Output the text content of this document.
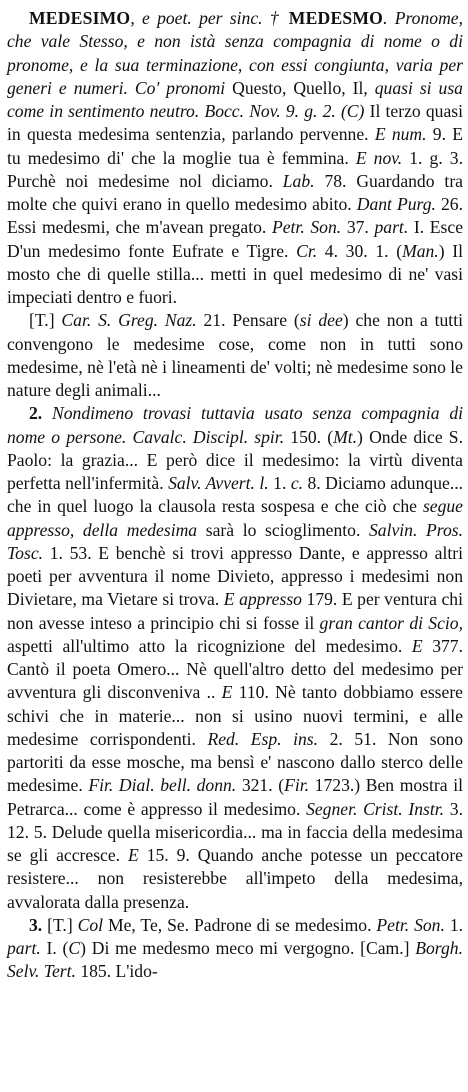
MEDESIMO, e poet. per sinc. † MEDESMO. Pronome, che vale Stesso, e non istà senza compagnia di nome o di pronome, e la sua terminazione, con essi congiunta, varia per generi e numeri. Co' pronomi Questo, Quello, Il, quasi si usa come in sentimento neutro. Bocc. Nov. 9. g. 2. (C) Il terzo quasi in questa medesima sentenzia, parlando pervenne. E num. 9. E tu medesimo di' che la moglie tua è femmina. E nov. 1. g. 3. Purchè noi medesime nol diciamo. Lab. 78. Guardando tra molte che quivi erano in quello medesimo abito. Dant Purg. 26. Essi medesmi, che m'avean pregato. Petr. Son. 37. part. I. Esce D'un medesimo fonte Eufrate e Tigre. Cr. 4. 30. 1. (Man.) Il mosto che di quelle stilla... metti in quel medesimo di ne' vasi impeciati dentro e fuori.

[T.] Car. S. Greg. Naz. 21. Pensare (si dee) che non a tutti convengono le medesime cose, come non in tutti sono medesime, nè l'età nè i lineamenti de' volti; nè medesime sono le nature degli animali...

2. Nondimeno trovasi tuttavia usato senza compagnia di nome o persone. Cavalc. Discipl. spir. 150. (Mt.) Onde dice S. Paolo: la grazia... E però dice il medesimo: la virtù diventa perfetta nell'infermità. Salv. Avvert. l. 1. c. 8. Diciamo adunque... che in quel luogo la clausola resta sospesa e che ciò che segue appresso, della medesima sarà lo scioglimento. Salvin. Pros. Tosc. 1. 53. E benchè si trovi appresso Dante, e appresso altri poeti per avventura il nome Divieto, appresso i medesimi non Divietare, ma Vietare si trova. E appresso 179. E per ventura chi non avesse inteso a principio chi si fosse il gran cantor di Scio, aspetti all'ultimo atto la ricognizione del medesimo. E 377. Cantò il poeta Omero... Nè quell'altro detto del medesimo per avventura gli disconveniva .. E 110. Nè tanto dobbiamo essere schivi che in materie... non si usino nuovi termini, e alle medesime corrispondenti. Red. Esp. ins. 2. 51. Non sono partoriti da esse mosche, ma bensì e' nascono dallo sterco delle medesime. Fir. Dial. bell. donn. 321. (Fir. 1723.) Ben mostra il Petrarca... come è appresso il medesimo. Segner. Crist. Instr. 3. 12. 5. Delude quella misericordia... ma in faccia della medesima se gli accresce. E 15. 9. Quando anche potesse un peccatore resistere... non resisterebbe all'impeto della medesima, avvalorata dalla presenza.

3. [T.] Col Me, Te, Se. Padrone di se medesimo. Petr. Son. 1. part. I. (C) Di me medesmo meco mi vergogno. [Cam.] Borgh. Selv. Tert. 185. L'ido-
